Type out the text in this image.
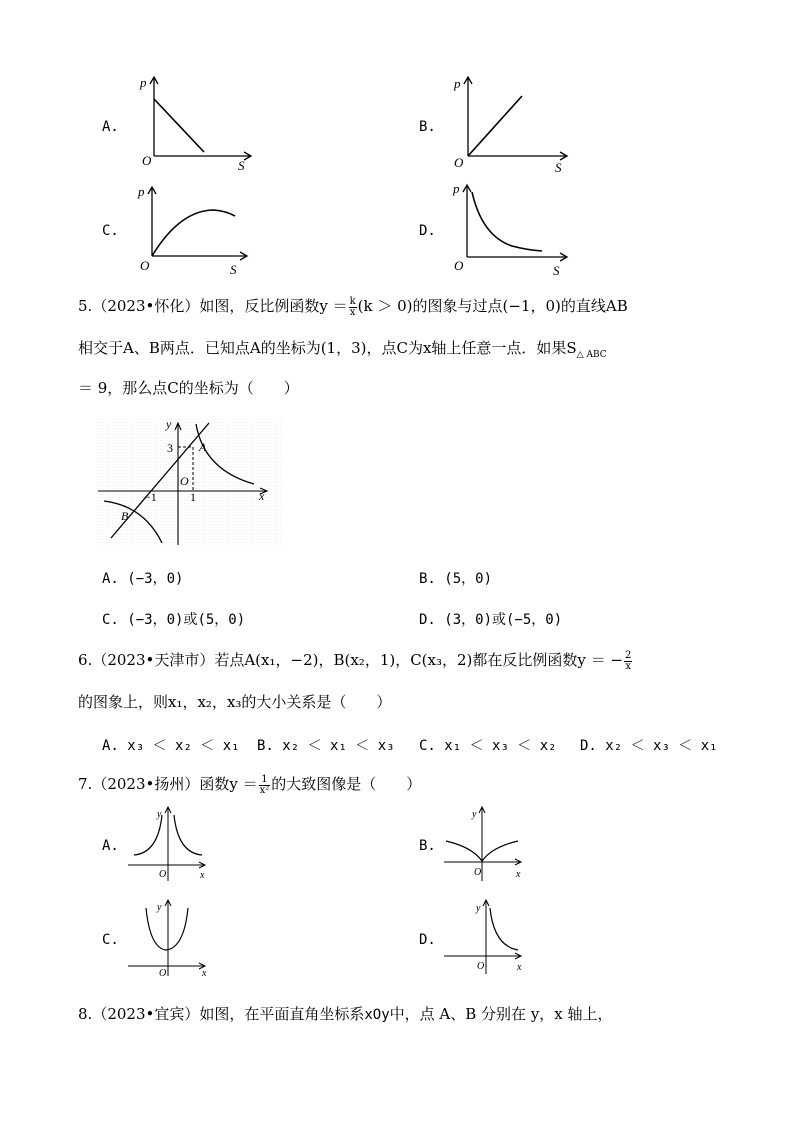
A.
p
S
O
B.
p
S
O
C.
p
S
O
D.
p
S
O
5.（2023•怀化）如图，反比例函数$y = \frac{k}{x} (k > 0)$的图象与过点(−1，0)的直线AB
相交于A、B两点．已知点A的坐标为(1，3)，点C为x轴上任意一点．如果$S_{\triangle ABC}$
＝ 9，那么点C的坐标为（　　）
y
x
O
A
B
3
−1	1
A. (−3，0)	B. (5，0)
C. (−3，0)或(5，0)	D. (3，0)或(−5，0)
6.（2023•天津市）若点A(x₁，−2)，B(x₂，1)，C(x₃，2)都在反比例函数y ＝ − $\frac{2}{x}$
的图象上，则x₁，x₂，x₃的大小关系是（　　）
A. x₃ ＜ x₂ ＜ x₁ B. x₂ ＜ x₁ ＜ x₃ C. x₁ ＜ x₃ ＜ x₂ D. x₂ ＜ x₃ ＜ x₁
7.（2023•扬州）函数$y = \frac{1}{\text{x²}}$ 的大致图像是（　　）
A.
y
x
O
B.
y
x
O
C.
y
x
O
D.
y
x
O
8.（2023•宜宾）如图，在平面直角坐标系xOy中，点 A、B 分别在 y，x 轴上，
